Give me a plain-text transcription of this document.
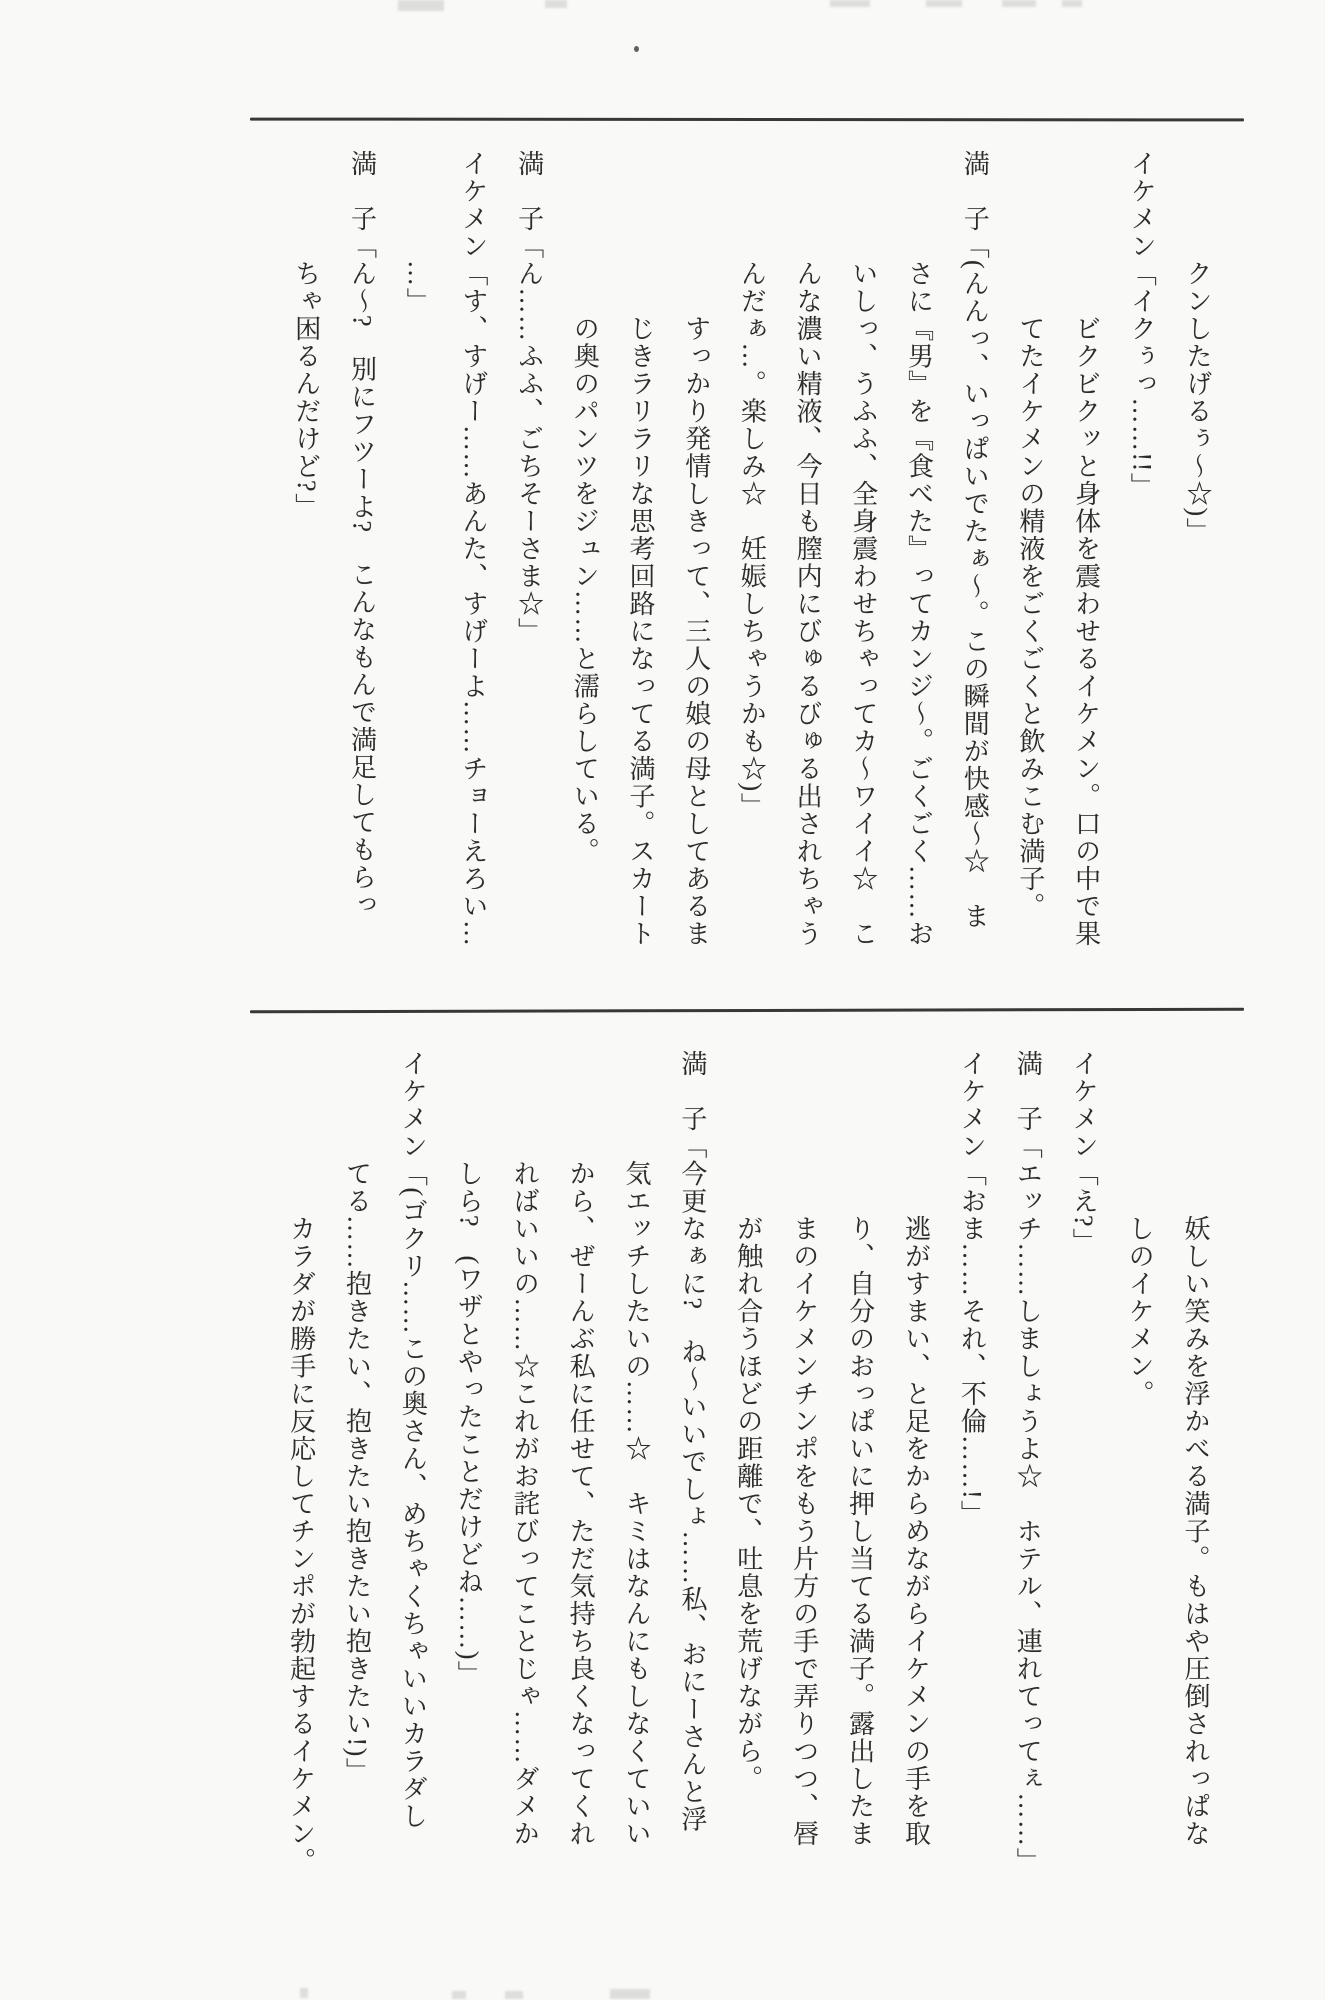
クンしたげるぅ〜☆)」
イケメン「イクぅっ……!!」
ビクビクッと身体を震わせるイケメン。口の中で果
てたイケメンの精液をごくごくと飲みこむ満子。
満　子「(んんっ、いっぱいでたぁ〜。この瞬間が快感〜☆　ま
さに『男』を『食べた』ってカンジ〜。ごくごく……お
いしっ、うふふ、全身震わせちゃってカ〜ワイイ☆　こ
んな濃い精液、今日も膣内にびゅるびゅる出されちゃう
んだぁ…。楽しみ☆　妊娠しちゃうかも☆)」
すっかり発情しきって、三人の娘の母としてあるま
じきラリラリな思考回路になってる満子。スカート
の奥のパンツをジュン……と濡らしている。
満　子「ん……ふふ、ごちそーさま☆」
イケメン「す、すげー……あんた、すげーよ……チョーえろい…
…」
満　子「ん〜?　別にフツーよ?　こんなもんで満足してもらっ
ちゃ困るんだけど?」
妖しい笑みを浮かべる満子。もはや圧倒されっぱな
しのイケメン。
イケメン「え?」
満　子「エッチ……しましょうよ☆　ホテル、連れてってぇ……」
イケメン「おま……それ、不倫……!」
逃がすまい、と足をからめながらイケメンの手を取
り、自分のおっぱいに押し当てる満子。露出したま
まのイケメンチンポをもう片方の手で弄りつつ、唇
が触れ合うほどの距離で、吐息を荒げながら。
満　子「今更なぁに?　ね〜いいでしょ……私、おにーさんと浮
気エッチしたいの……☆　キミはなんにもしなくていい
から、ぜーんぶ私に任せて、ただ気持ち良くなってくれ
ればいいの……☆これがお詫びってことじゃ……ダメか
しら?　(ワザとやったことだけどね……)」
イケメン「(ゴクリ……この奥さん、めちゃくちゃいいカラダし
てる……抱きたい、抱きたい抱きたい抱きたい!)」
カラダが勝手に反応してチンポが勃起するイケメン。
